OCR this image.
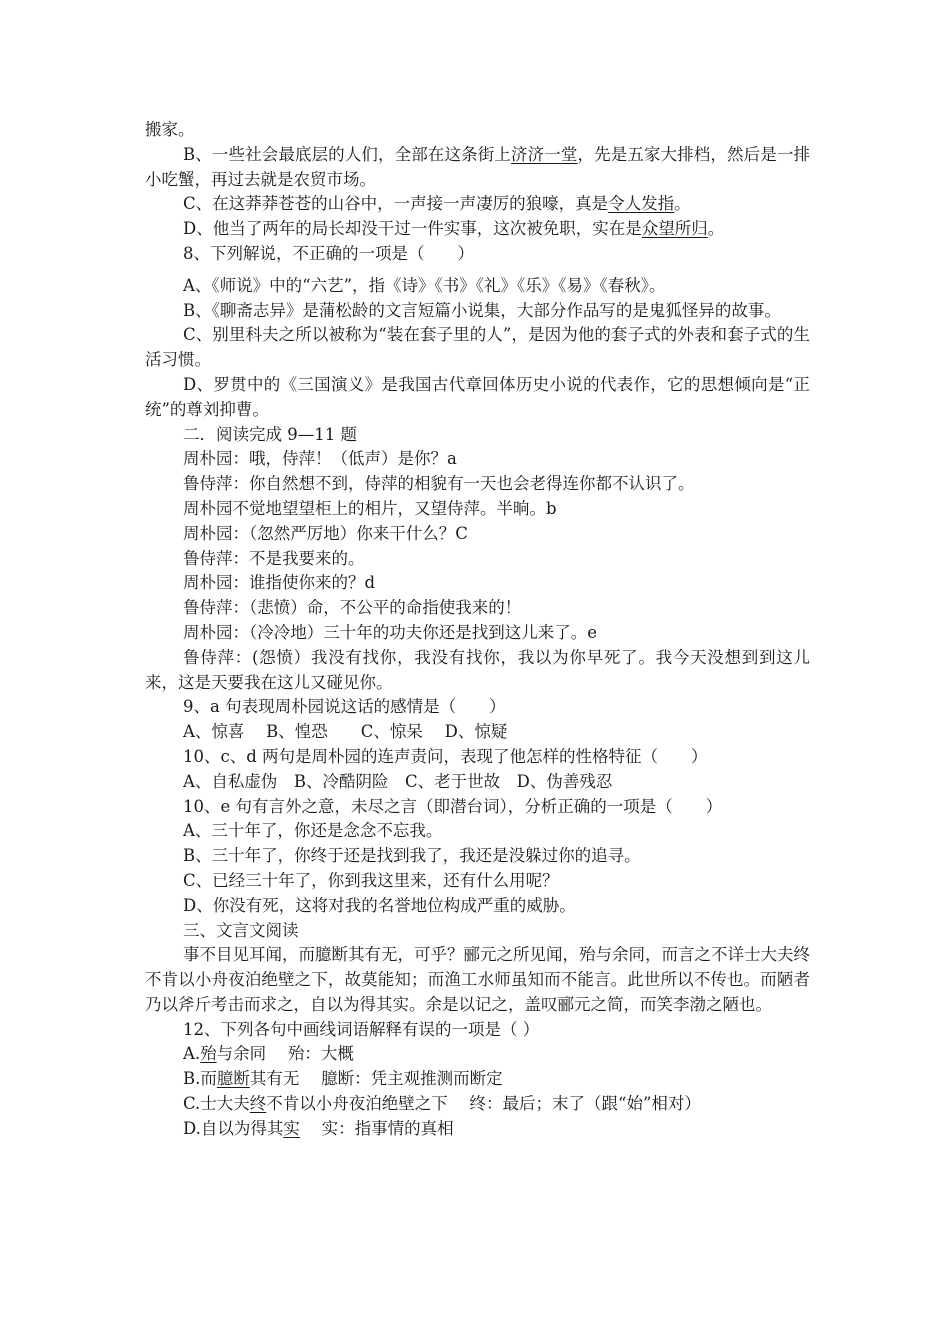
搬家。

B、一些社会最底层的人们，全部在这条街上济济一堂，先是五家大排档，然后是一排小吃蟹，再过去就是农贸市场。

C、在这莽莽苍苍的山谷中，一声接一声凄厉的狼嚎，真是令人发指。

D、他当了两年的局长却没干过一件实事，这次被免职，实在是众望所归。

8、下列解说，不正确的一项是（　　）

A、《师说》中的“六艺”，指《诗》《书》《礼》《乐》《易》《春秋》。

B、《聊斋志异》是蒲松龄的文言短篇小说集，大部分作品写的是鬼狐怪异的故事。

C、别里科夫之所以被称为“装在套子里的人”，是因为他的套子式的外表和套子式的生活习惯。

D、罗贯中的《三国演义》是我国古代章回体历史小说的代表作，它的思想倾向是“正统”的尊刘抑曹。

二．阅读完成 9—11 题

周朴园：哦，侍萍！（低声）是你？a

鲁侍萍：你自然想不到，侍萍的相貌有一天也会老得连你都不认识了。

周朴园不觉地望望柜上的相片，又望侍萍。半晌。b

周朴园：（忽然严厉地）你来干什么？C

鲁侍萍：不是我要来的。

周朴园：谁指使你来的？d

鲁侍萍：（悲愤）命，不公平的命指使我来的！

周朴园：（冷冷地）三十年的功夫你还是找到这儿来了。e

鲁侍萍：(怨愤）我没有找你，我没有找你，我以为你早死了。我今天没想到到这儿来，这是天要我在这儿又碰见你。

9、a 句表现周朴园说这话的感情是（　　）

A、惊喜　 B、惶恐　　C、惊呆　 D、惊疑

10、c、d 两句是周朴园的连声责问，表现了他怎样的性格特征（　　）

A、自私虚伪　B、冷酷阴险　C、老于世故　D、伪善残忍

10、e 句有言外之意，未尽之言（即潜台词），分析正确的一项是（　　）

A、三十年了，你还是念念不忘我。

B、三十年了，你终于还是找到我了，我还是没躲过你的追寻。

C、已经三十年了，你到我这里来，还有什么用呢？

D、你没有死，这将对我的名誉地位构成严重的威胁。

三、文言文阅读

事不目见耳闻，而臆断其有无，可乎？郦元之所见闻，殆与余同，而言之不详士大夫终不肯以小舟夜泊绝壁之下，故莫能知；而渔工水师虽知而不能言。此世所以不传也。而陋者乃以斧斤考击而求之，自以为得其实。余是以记之，盖叹郦元之简，而笑李渤之陋也。

12、下列各句中画线词语解释有误的一项是（ ）

A.殆与余同　 殆：大概

B.而臆断其有无　 臆断：凭主观推测而断定

C.士大夫终不肯以小舟夜泊绝壁之下　 终：最后；末了（跟“始”相对）

D.自以为得其实　 实：指事情的真相
